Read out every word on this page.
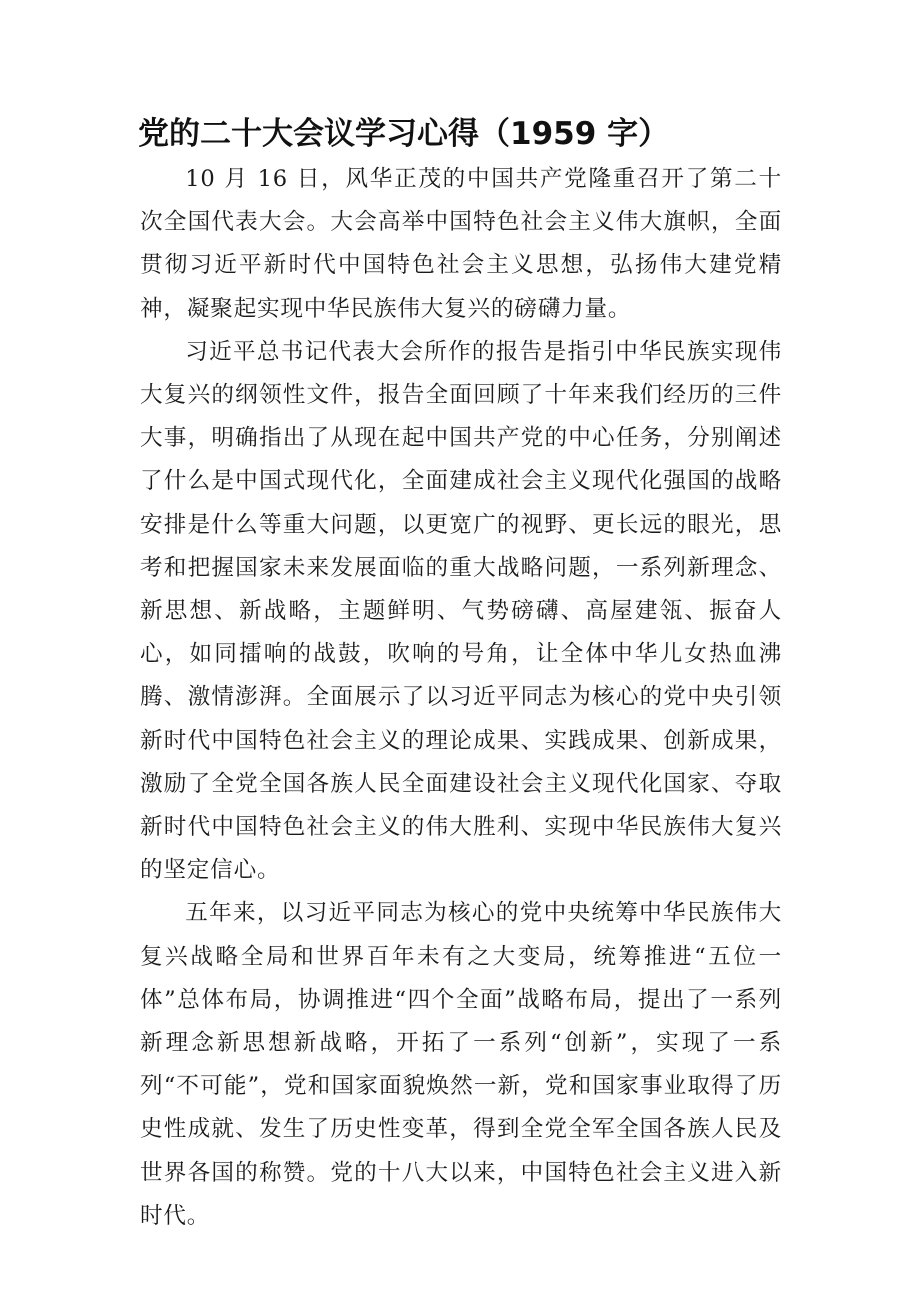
党的二十大会议学习心得（1959 字）

10 月 16 日，风华正茂的中国共产党隆重召开了第二十次全国代表大会。大会高举中国特色社会主义伟大旗帜，全面贯彻习近平新时代中国特色社会主义思想，弘扬伟大建党精神，凝聚起实现中华民族伟大复兴的磅礴力量。

习近平总书记代表大会所作的报告是指引中华民族实现伟大复兴的纲领性文件，报告全面回顾了十年来我们经历的三件大事，明确指出了从现在起中国共产党的中心任务，分别阐述了什么是中国式现代化，全面建成社会主义现代化强国的战略安排是什么等重大问题，以更宽广的视野、更长远的眼光，思考和把握国家未来发展面临的重大战略问题，一系列新理念、新思想、新战略，主题鲜明、气势磅礴、高屋建瓴、振奋人心，如同擂响的战鼓，吹响的号角，让全体中华儿女热血沸腾、激情澎湃。全面展示了以习近平同志为核心的党中央引领新时代中国特色社会主义的理论成果、实践成果、创新成果，激励了全党全国各族人民全面建设社会主义现代化国家、夺取新时代中国特色社会主义的伟大胜利、实现中华民族伟大复兴的坚定信心。

五年来，以习近平同志为核心的党中央统筹中华民族伟大复兴战略全局和世界百年未有之大变局，统筹推进“五位一体”总体布局，协调推进“四个全面”战略布局，提出了一系列新理念新思想新战略，开拓了一系列“创新”，实现了一系列“不可能”，党和国家面貌焕然一新，党和国家事业取得了历史性成就、发生了历史性变革，得到全党全军全国各族人民及世界各国的称赞。党的十八大以来，中国特色社会主义进入新时代。
